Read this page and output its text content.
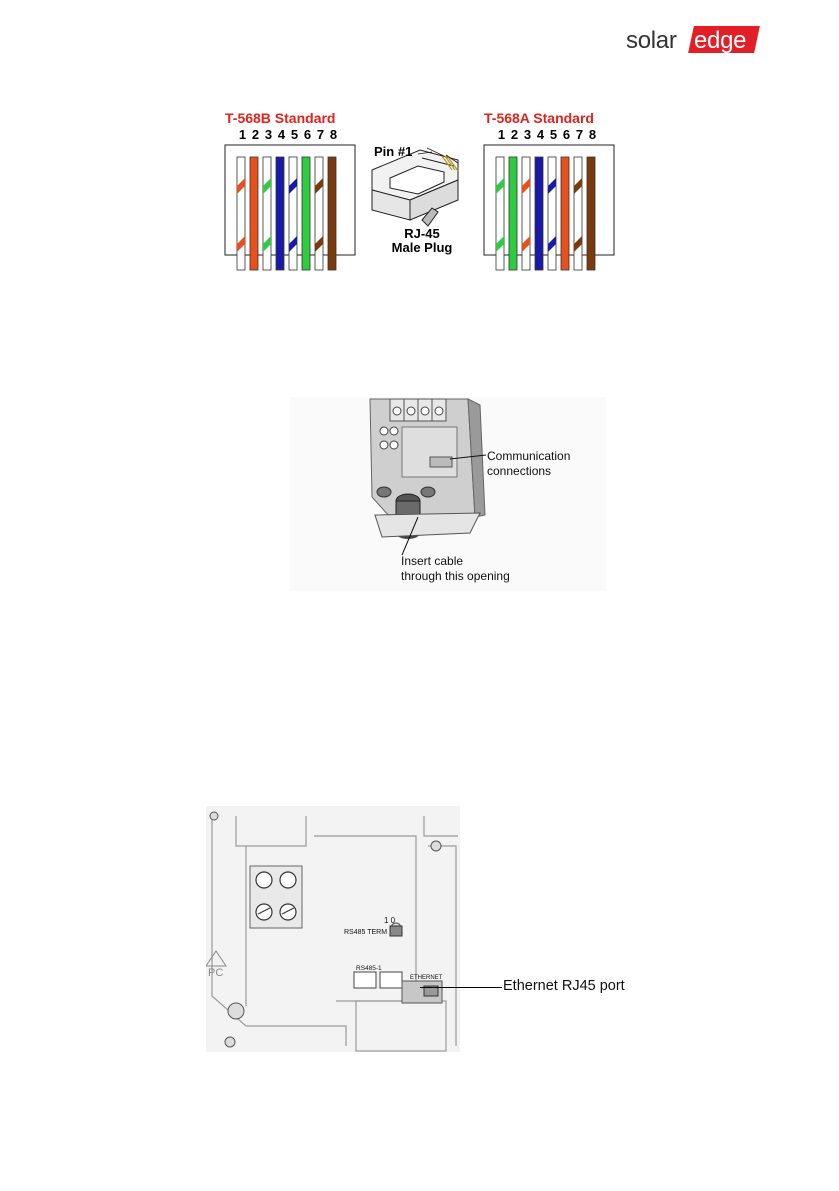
solar edge
T-568B Standard	T-568A Standard
1 2 3 4 5 6 7 8	1 2 3 4 5 6 7 8
Pin #1
RJ-45
Male Plug
Communication
connections
Insert cable
through this opening
RS485 TERM
1 0
RS485-1
ETHERNET
PC
Ethernet RJ45 port
